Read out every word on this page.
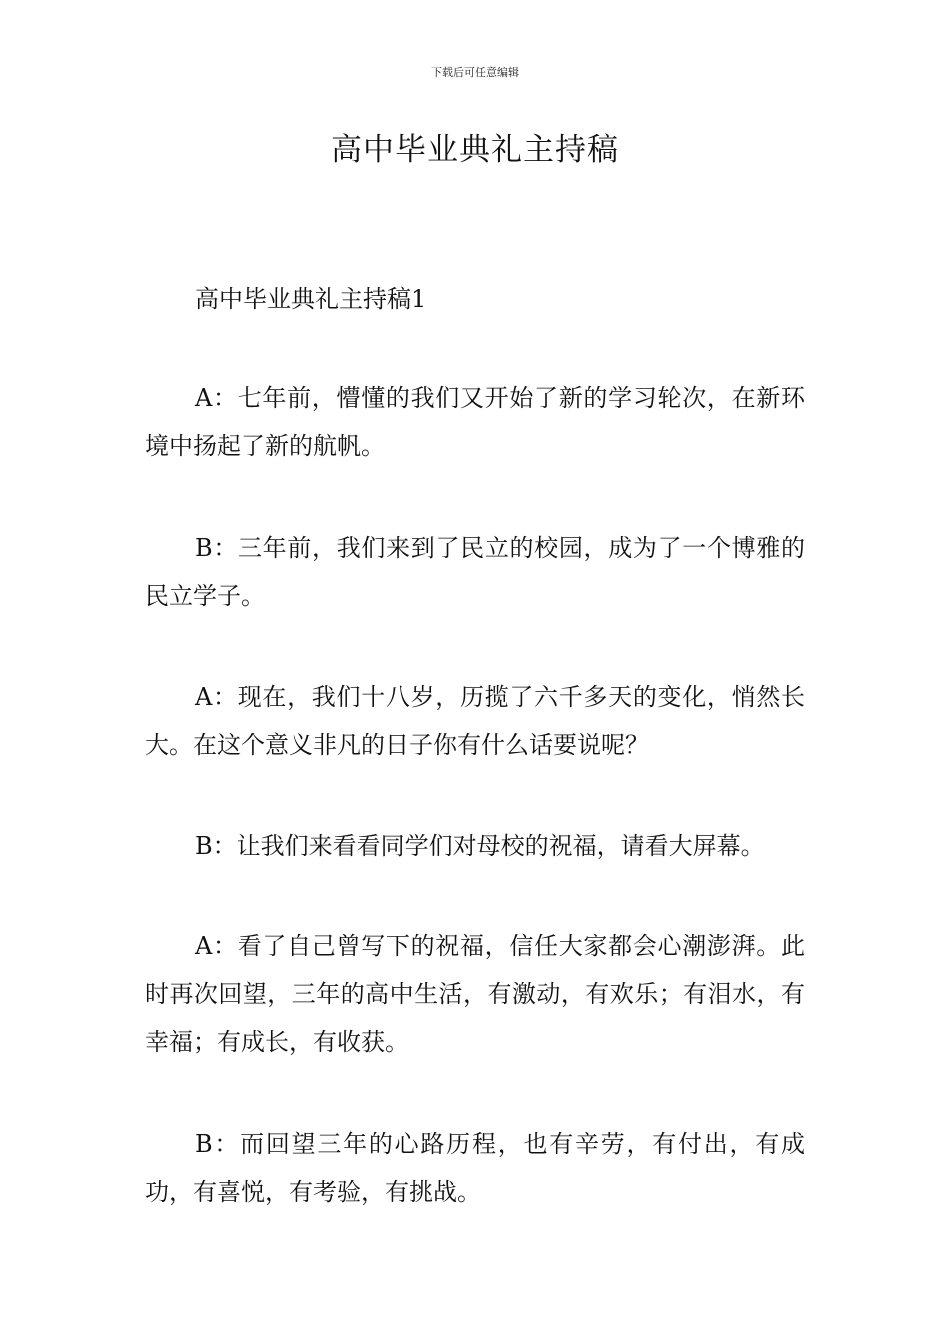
下载后可任意编辑
高中毕业典礼主持稿

高中毕业典礼主持稿1

A：七年前，懵懂的我们又开始了新的学习轮次，在新环境中扬起了新的航帆。

B：三年前，我们来到了民立的校园，成为了一个博雅的民立学子。

A：现在，我们十八岁，历揽了六千多天的变化，悄然长大。在这个意义非凡的日子你有什么话要说呢？

B：让我们来看看同学们对母校的祝福，请看大屏幕。

A：看了自己曾写下的祝福，信任大家都会心潮澎湃。此时再次回望，三年的高中生活，有激动，有欢乐；有泪水，有幸福；有成长，有收获。

B：而回望三年的心路历程，也有辛劳，有付出，有成功，有喜悦，有考验，有挑战。
